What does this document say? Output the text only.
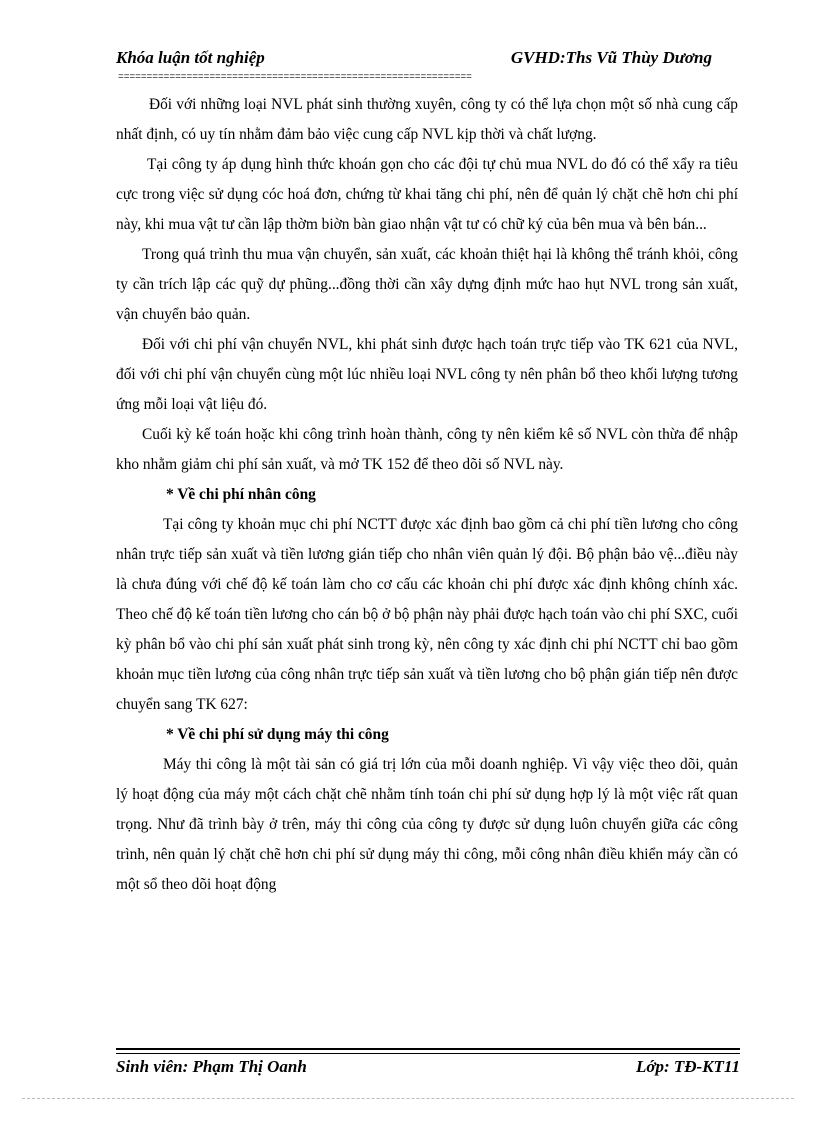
Khóa luận tốt nghiệp	GVHD:Ths Vũ Thùy Dương
==============================================================

Đối với những loại NVL phát sinh thường xuyên, công ty có thể lựa chọn một số nhà cung cấp nhất định, có uy tín nhằm đảm bảo việc cung cấp NVL kịp thời và chất lượng.

Tại công ty áp dụng hình thức khoán gọn cho các đội tự chủ mua NVL do đó có thể xẩy ra tiêu cực trong việc sử dụng cóc hoá đơn, chứng từ khai tăng chi phí, nên để quản lý chặt chẽ hơn chi phí này, khi mua vật tư cần lập thờm biờn bàn giao nhận vật tư có chữ ký của bên mua và bên bán...

Trong quá trình thu mua vận chuyển, sản xuất, các khoản thiệt hại là không thể tránh khỏi, công ty cần trích lập các quỹ dự phũng...đồng thời cần xây dựng định mức hao hụt NVL trong sản xuất, vận chuyển bảo quản.

Đối với chi phí vận chuyển NVL, khi phát sinh được hạch toán trực tiếp vào TK 621 của NVL, đối với chi phí vận chuyển cùng một lúc nhiều loại NVL công ty nên phân bổ theo khối lượng tương ứng mỗi loại vật liệu đó.

Cuối kỳ kế toán hoặc khi công trình hoàn thành, công ty nên kiểm kê số NVL còn thừa để nhập kho nhằm giảm chi phí sản xuất, và mở TK 152 để theo dõi số NVL này.

* Về chi phí nhân công

Tại công ty khoản mục chi phí NCTT được xác định bao gồm cả chi phí tiền lương cho công nhân trực tiếp sản xuất và tiền lương gián tiếp cho nhân viên quản lý đội. Bộ phận bảo vệ...điều này là chưa đúng với chế độ kế toán làm cho cơ cấu các khoản chi phí được xác định không chính xác. Theo chế độ kế toán tiền lương cho cán bộ ở bộ phận này phải được hạch toán vào chi phí SXC, cuối kỳ phân bổ vào chi phí sản xuất phát sinh trong kỳ, nên công ty xác định chi phí NCTT chỉ bao gồm khoản mục tiền lương của công nhân trực tiếp sản xuất và tiền lương cho bộ phận gián tiếp nên được chuyển sang TK 627:

* Về chi phí sử dụng máy thi công

Máy thi công là một tài sản có giá trị lớn của mỗi doanh nghiệp. Vì vậy việc theo dõi, quản lý hoạt động của máy một cách chặt chẽ nhằm tính toán chi phí sử dụng hợp lý là một việc rất quan trọng. Như đã trình bày ở trên, máy thi công của công ty được sử dụng luôn chuyển giữa các công trình, nên quản lý chặt chẽ hơn chi phí sử dụng máy thi công, mỗi công nhân điều khiển máy cần có một sổ theo dõi hoạt động

Sinh viên: Phạm Thị Oanh	Lớp: TĐ-KT11
